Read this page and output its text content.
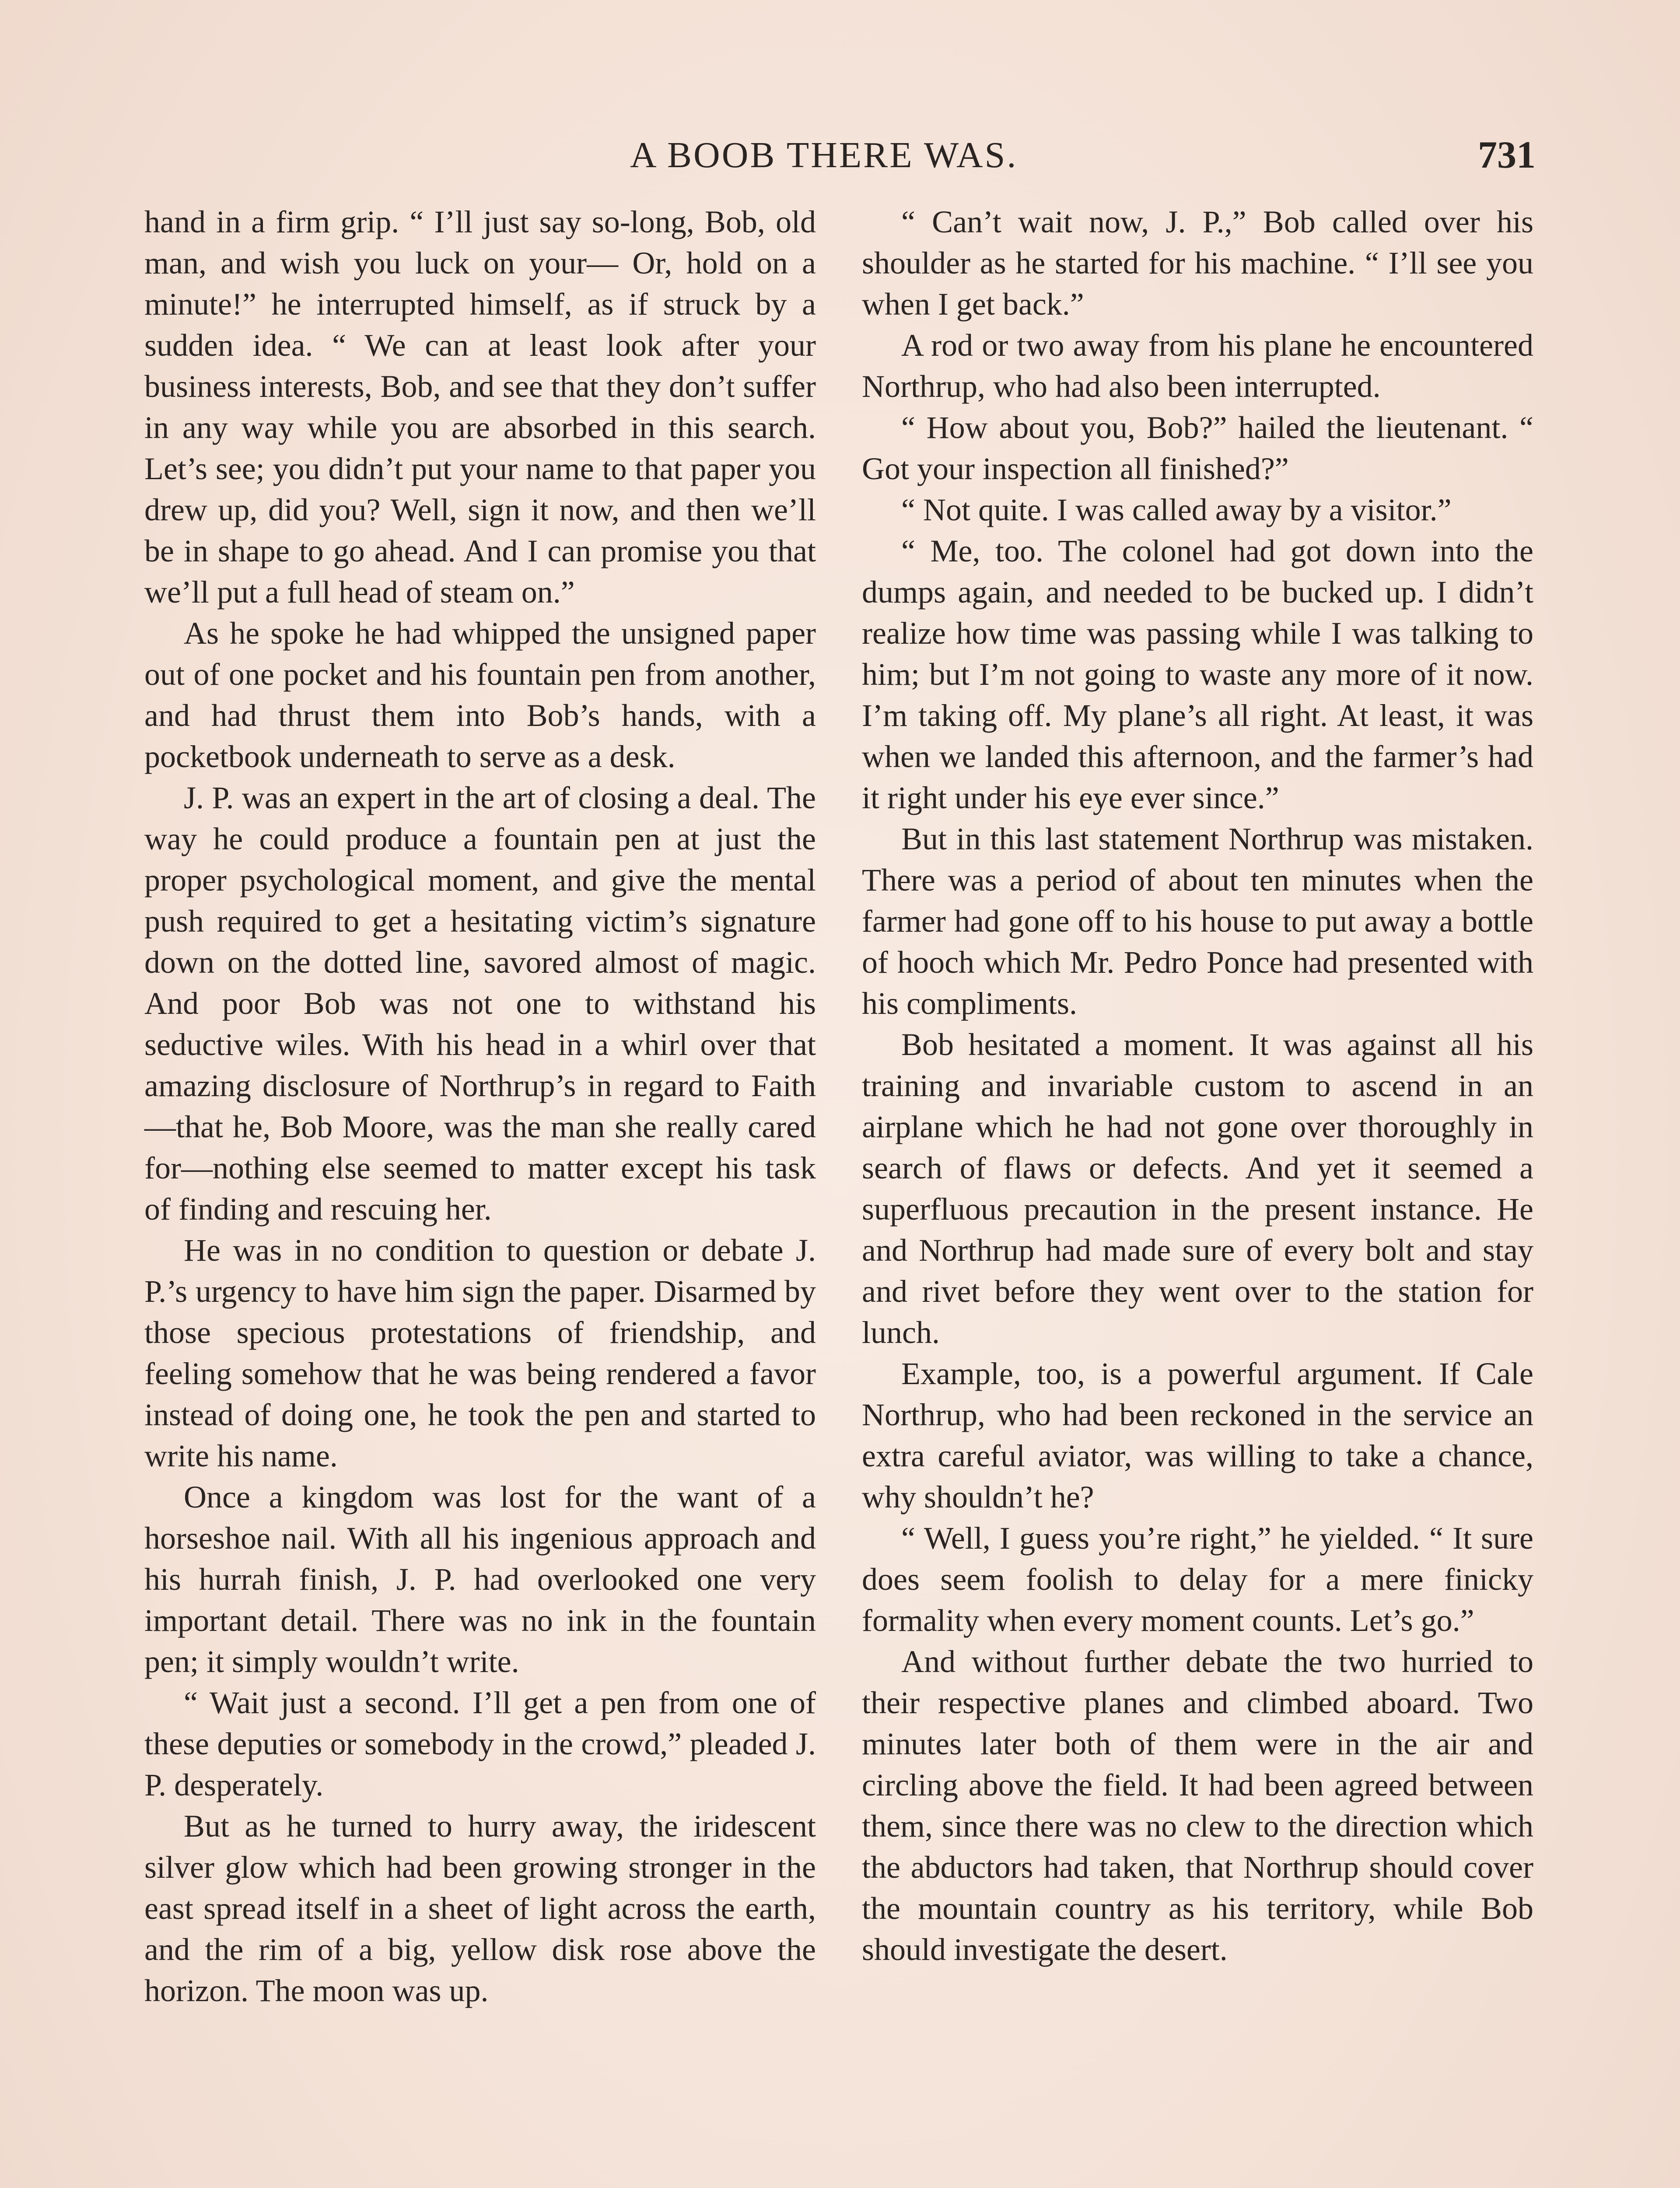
A BOOB THERE WAS.	731

hand in a firm grip. “ I’ll just say so-long, Bob, old man, and wish you luck on your— Or, hold on a minute!” he interrupted himself, as if struck by a sudden idea. “ We can at least look after your business interests, Bob, and see that they don’t suffer in any way while you are absorbed in this search. Let’s see; you didn’t put your name to that paper you drew up, did you? Well, sign it now, and then we’ll be in shape to go ahead. And I can promise you that we’ll put a full head of steam on.”

As he spoke he had whipped the unsigned paper out of one pocket and his fountain pen from another, and had thrust them into Bob’s hands, with a pocketbook underneath to serve as a desk.

J. P. was an expert in the art of closing a deal. The way he could produce a fountain pen at just the proper psychological moment, and give the mental push required to get a hesitating victim’s signature down on the dotted line, savored almost of magic. And poor Bob was not one to withstand his seductive wiles. With his head in a whirl over that amazing disclosure of Northrup’s in regard to Faith—that he, Bob Moore, was the man she really cared for—nothing else seemed to matter except his task of finding and rescuing her.

He was in no condition to question or debate J. P.’s urgency to have him sign the paper. Disarmed by those specious protestations of friendship, and feeling somehow that he was being rendered a favor instead of doing one, he took the pen and started to write his name.

Once a kingdom was lost for the want of a horseshoe nail. With all his ingenious approach and his hurrah finish, J. P. had overlooked one very important detail. There was no ink in the fountain pen; it simply wouldn’t write.

“ Wait just a second. I’ll get a pen from one of these deputies or somebody in the crowd,” pleaded J. P. desperately.

But as he turned to hurry away, the iridescent silver glow which had been growing stronger in the east spread itself in a sheet of light across the earth, and the rim of a big, yellow disk rose above the horizon. The moon was up.

“ Can’t wait now, J. P.,” Bob called over his shoulder as he started for his machine. “ I’ll see you when I get back.”

A rod or two away from his plane he encountered Northrup, who had also been interrupted.

“ How about you, Bob?” hailed the lieutenant. “ Got your inspection all finished?”

“ Not quite. I was called away by a visitor.”

“ Me, too. The colonel had got down into the dumps again, and needed to be bucked up. I didn’t realize how time was passing while I was talking to him; but I’m not going to waste any more of it now. I’m taking off. My plane’s all right. At least, it was when we landed this afternoon, and the farmer’s had it right under his eye ever since.”

But in this last statement Northrup was mistaken. There was a period of about ten minutes when the farmer had gone off to his house to put away a bottle of hooch which Mr. Pedro Ponce had presented with his compliments.

Bob hesitated a moment. It was against all his training and invariable custom to ascend in an airplane which he had not gone over thoroughly in search of flaws or defects. And yet it seemed a superfluous precaution in the present instance. He and Northrup had made sure of every bolt and stay and rivet before they went over to the station for lunch.

Example, too, is a powerful argument. If Cale Northrup, who had been reckoned in the service an extra careful aviator, was willing to take a chance, why shouldn’t he?

“ Well, I guess you’re right,” he yielded. “ It sure does seem foolish to delay for a mere finicky formality when every moment counts. Let’s go.”

And without further debate the two hurried to their respective planes and climbed aboard. Two minutes later both of them were in the air and circling above the field. It had been agreed between them, since there was no clew to the direction which the abductors had taken, that Northrup should cover the mountain country as his territory, while Bob should investigate the desert.
